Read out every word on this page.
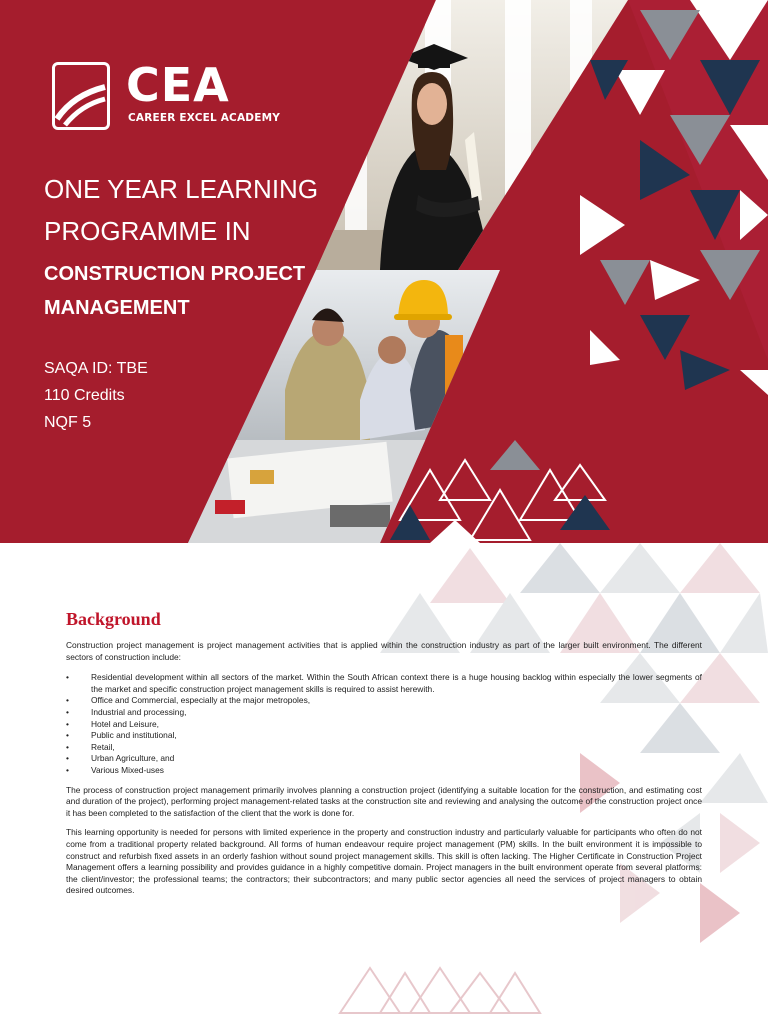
CEA
CAREER EXCEL ACADEMY
ONE YEAR LEARNING
PROGRAMME IN
CONSTRUCTION PROJECT
MANAGEMENT
SAQA ID: TBE
110 Credits
NQF 5
Background

Construction project management is project management activities that is applied within the construction industry as part of the larger built environment. The different sectors of construction include:

•	Residential development within all sectors of the market. Within the South African context there is a huge housing backlog within especially the lower segments of the market and specific construction project management skills is required to assist herewith.
•	Office and Commercial, especially at the major metropoles,
•	Industrial and processing,
•	Hotel and Leisure,
•	Public and institutional,
•	Retail,
•	Urban Agriculture, and
•	Various Mixed-uses

The process of construction project management primarily involves planning a construction project (identifying a suitable location for the construction, and estimating cost and duration of the project), performing project management-related tasks at the construction site and reviewing and analysing the outcome of the construction project once it has been completed to the satisfaction of the client that the work is done for.

This learning opportunity is needed for persons with limited experience in the property and construction industry and particularly valuable for participants who often do not come from a traditional property related background. All forms of human endeavour require project management (PM) skills. In the built environment it is impossible to construct and refurbish fixed assets in an orderly fashion without sound project management skills. This skill is often lacking. The Higher Certificate in Construction Project Management offers a learning possibility and provides guidance in a highly competitive domain. Project managers in the built environment operate from several platforms: the client/investor; the professional teams; the contractors; their subcontractors; and many public sector agencies all need the services of project managers to obtain desired outcomes.
